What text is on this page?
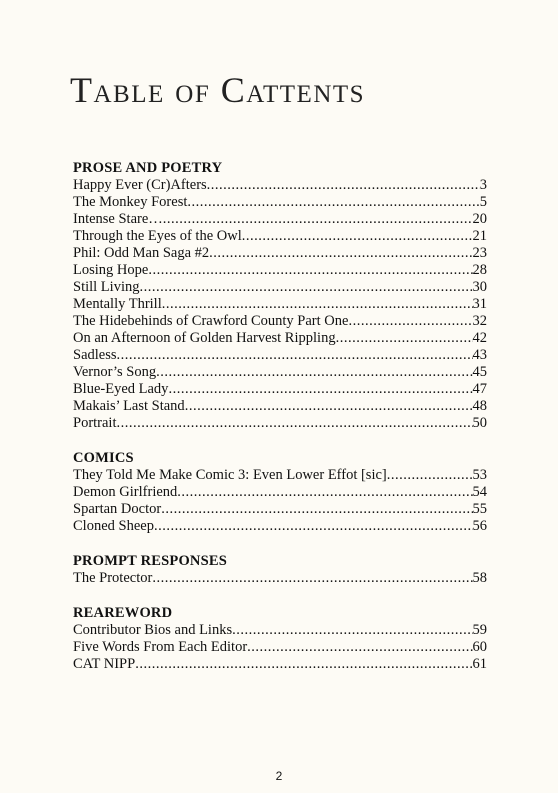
Table of Cattents
PROSE AND POETRY
Happy Ever (Cr)Afters .....	3
The Monkey Forest .....	5
Intense Stare… .....	20
Through the Eyes of the Owl .....	21
Phil: Odd Man Saga #2 .....	23
Losing Hope .....	28
Still Living .....	30
Mentally Thrill .....	31
The Hidebehinds of Crawford County Part One .....	32
On an Afternoon of Golden Harvest Rippling .....	42
Sadless .....	43
Vernor’s Song .....	45
Blue-Eyed Lady .....	47
Makais’ Last Stand .....	48
Portrait .....	50
COMICS
They Told Me Make Comic 3: Even Lower Effot [sic] .....	53
Demon Girlfriend .....	54
Spartan Doctor .....	55
Cloned Sheep .....	56
PROMPT RESPONSES
The Protector .....	58
REAREWORD
Contributor Bios and Links .....	59
Five Words From Each Editor .....	60
CAT NIPP .....	61
2
